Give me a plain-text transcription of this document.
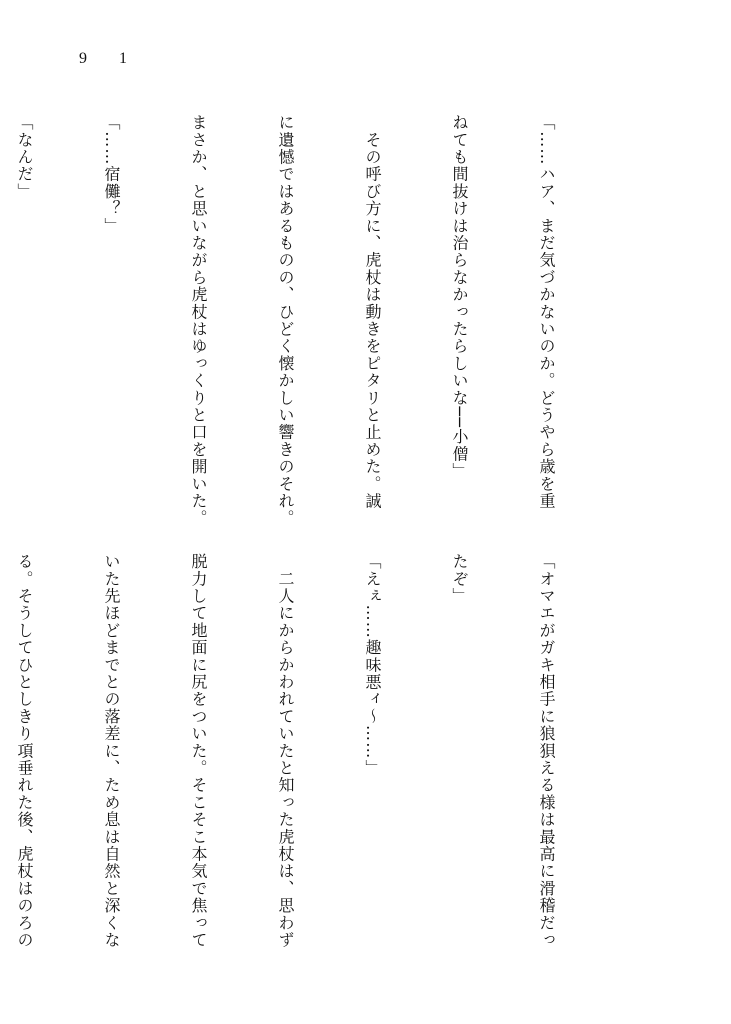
9 1

「……ハア、まだ気づかないのか。どうやら歳を重

ねても間抜けは治らなかったらしいな──小僧」

　その呼び方に、虎杖は動きをピタリと止めた。誠

に遺憾ではあるものの、ひどく懐かしい響きのそれ。

まさか、と思いながら虎杖はゆっくりと口を開いた。

「……宿儺？」

「なんだ」

「オマエがガキ相手に狼狽える様は最高に滑稽だっ

たぞ」

「えぇ……趣味悪ィ～……」

　二人にからかわれていたと知った虎杖は、思わず

脱力して地面に尻をついた。そこそこ本気で焦って

いた先ほどまでとの落差に、ため息は自然と深くな

る。そうしてひとしきり項垂れた後、虎杖はのろの
